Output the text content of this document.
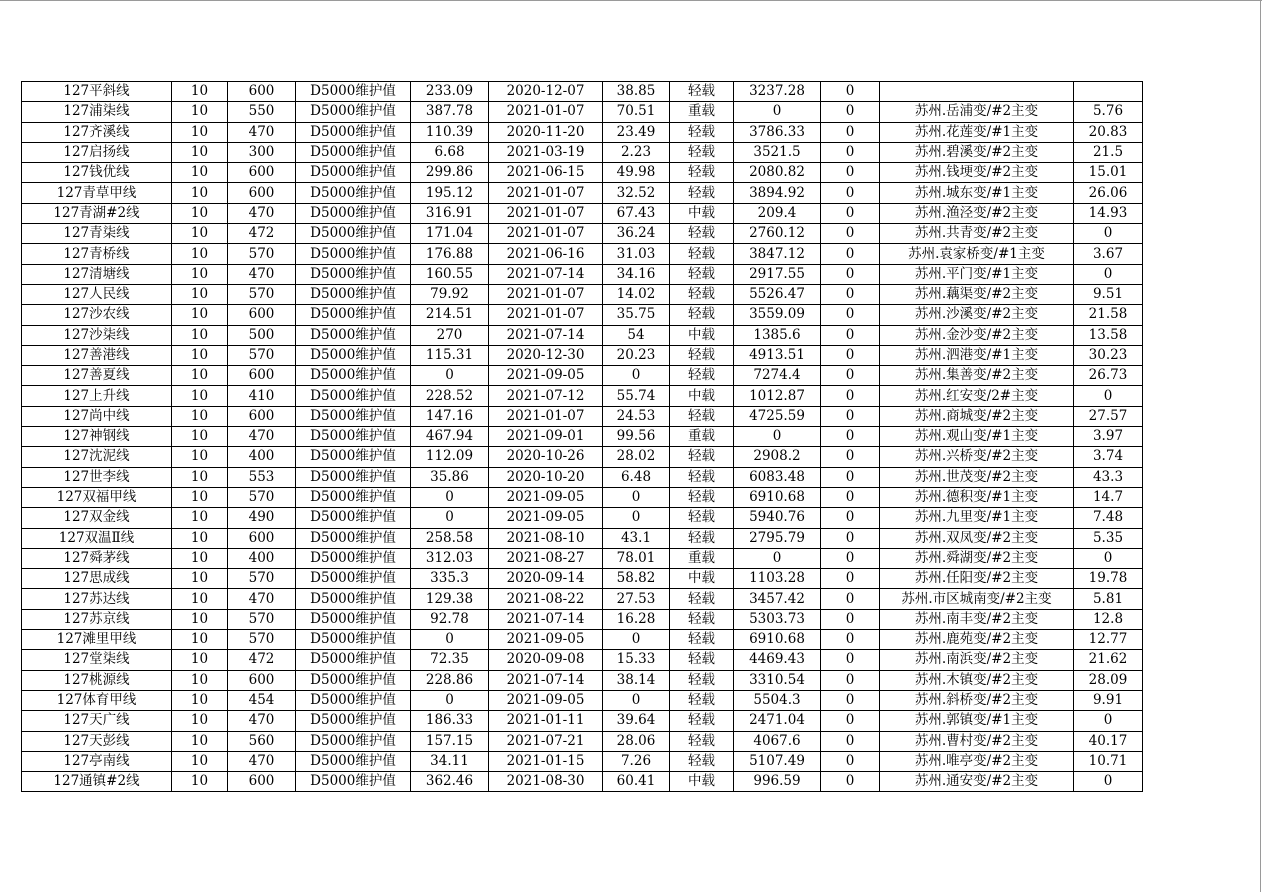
127平斜线	10	600	D5000维护值	233.09	2020-12-07	38.85	轻载	3237.28	0		
127浦柒线	10	550	D5000维护值	387.78	2021-01-07	70.51	重载	0	0	苏州.岳浦变/#2主变	5.76
127齐溪线	10	470	D5000维护值	110.39	2020-11-20	23.49	轻载	3786.33	0	苏州.花莲变/#1主变	20.83
127启扬线	10	300	D5000维护值	6.68	2021-03-19	2.23	轻载	3521.5	0	苏州.碧溪变/#2主变	21.5
127钱优线	10	600	D5000维护值	299.86	2021-06-15	49.98	轻载	2080.82	0	苏州.钱埂变/#2主变	15.01
127青草甲线	10	600	D5000维护值	195.12	2021-01-07	32.52	轻载	3894.92	0	苏州.城东变/#1主变	26.06
127青湖#2线	10	470	D5000维护值	316.91	2021-01-07	67.43	中载	209.4	0	苏州.渔泾变/#2主变	14.93
127青柒线	10	472	D5000维护值	171.04	2021-01-07	36.24	轻载	2760.12	0	苏州.共青变/#2主变	0
127青桥线	10	570	D5000维护值	176.88	2021-06-16	31.03	轻载	3847.12	0	苏州.袁家桥变/#1主变	3.67
127清塘线	10	470	D5000维护值	160.55	2021-07-14	34.16	轻载	2917.55	0	苏州.平门变/#1主变	0
127人民线	10	570	D5000维护值	79.92	2021-01-07	14.02	轻载	5526.47	0	苏州.藕渠变/#2主变	9.51
127沙农线	10	600	D5000维护值	214.51	2021-01-07	35.75	轻载	3559.09	0	苏州.沙溪变/#2主变	21.58
127沙柒线	10	500	D5000维护值	270	2021-07-14	54	中载	1385.6	0	苏州.金沙变/#2主变	13.58
127善港线	10	570	D5000维护值	115.31	2020-12-30	20.23	轻载	4913.51	0	苏州.泗港变/#1主变	30.23
127善夏线	10	600	D5000维护值	0	2021-09-05	0	轻载	7274.4	0	苏州.集善变/#2主变	26.73
127上升线	10	410	D5000维护值	228.52	2021-07-12	55.74	中载	1012.87	0	苏州.红安变/2#主变	0
127尚中线	10	600	D5000维护值	147.16	2021-01-07	24.53	轻载	4725.59	0	苏州.商城变/#2主变	27.57
127神钢线	10	470	D5000维护值	467.94	2021-09-01	99.56	重载	0	0	苏州.观山变/#1主变	3.97
127沈泥线	10	400	D5000维护值	112.09	2020-10-26	28.02	轻载	2908.2	0	苏州.兴桥变/#2主变	3.74
127世李线	10	553	D5000维护值	35.86	2020-10-20	6.48	轻载	6083.48	0	苏州.世茂变/#2主变	43.3
127双福甲线	10	570	D5000维护值	0	2021-09-05	0	轻载	6910.68	0	苏州.德积变/#1主变	14.7
127双金线	10	490	D5000维护值	0	2021-09-05	0	轻载	5940.76	0	苏州.九里变/#1主变	7.48
127双温Ⅱ线	10	600	D5000维护值	258.58	2021-08-10	43.1	轻载	2795.79	0	苏州.双凤变/#2主变	5.35
127舜茅线	10	400	D5000维护值	312.03	2021-08-27	78.01	重载	0	0	苏州.舜湖变/#2主变	0
127思成线	10	570	D5000维护值	335.3	2020-09-14	58.82	中载	1103.28	0	苏州.任阳变/#2主变	19.78
127苏达线	10	470	D5000维护值	129.38	2021-08-22	27.53	轻载	3457.42	0	苏州.市区城南变/#2主变	5.81
127苏京线	10	570	D5000维护值	92.78	2021-07-14	16.28	轻载	5303.73	0	苏州.南丰变/#2主变	12.8
127滩里甲线	10	570	D5000维护值	0	2021-09-05	0	轻载	6910.68	0	苏州.鹿苑变/#2主变	12.77
127堂柒线	10	472	D5000维护值	72.35	2020-09-08	15.33	轻载	4469.43	0	苏州.南浜变/#2主变	21.62
127桃源线	10	600	D5000维护值	228.86	2021-07-14	38.14	轻载	3310.54	0	苏州.木镇变/#2主变	28.09
127体育甲线	10	454	D5000维护值	0	2021-09-05	0	轻载	5504.3	0	苏州.斜桥变/#2主变	9.91
127天广线	10	470	D5000维护值	186.33	2021-01-11	39.64	轻载	2471.04	0	苏州.郭镇变/#1主变	0
127天彭线	10	560	D5000维护值	157.15	2021-07-21	28.06	轻载	4067.6	0	苏州.曹村变/#2主变	40.17
127亭南线	10	470	D5000维护值	34.11	2021-01-15	7.26	轻载	5107.49	0	苏州.唯亭变/#2主变	10.71
127通镇#2线	10	600	D5000维护值	362.46	2021-08-30	60.41	中载	996.59	0	苏州.通安变/#2主变	0
